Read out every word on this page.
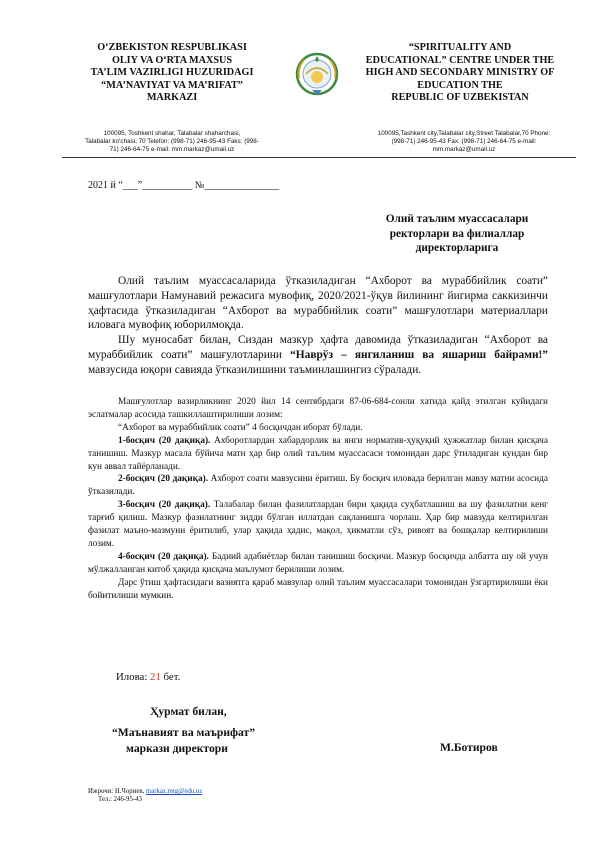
O‘ZBEKISTON RESPUBLIKASI
OLIY VA O‘RTA MAXSUS
TA’LIM VAZIRLIGI HUZURIDAGI
“MA’NAVIYAT VA MA’RIFAT”
MARKAZI
“SPIRITUALITY AND
EDUCATIONAL” CENTRE UNDER THE
HIGH AND SECONDARY MINISTRY OF
EDUCATION THE
REPUBLIC OF UZBEKISTAN
100095, Toshkent shahar, Talabalar shaharchasi,
Talabalar ko‘chasi, 70 Telefon: (998-71) 246-95-43 Faks: (998-
71) 246-64-75 e-mail: mm.markaz@umail.uz
100095,Tashkent city,Talabalar city,Street Talabalar,70 Phone:
(998-71) 246-95-43 Fax: (998-71) 246-64-75 e-mail:
mm.markaz@umail.uz
2021 й “___”__________ №_______________
Олий таълим муассасалари
ректорлари ва филиаллар
директорларига

Олий таълим муассасаларида ўтказиладиган “Ахборот ва мураббийлик соати” машғулотлари Намунавий режасига мувофиқ, 2020/2021-ўқув йилининг йигирма саккизинчи ҳафтасида ўтказиладиган “Ахборот ва мураббийлик соати” машғулотлари материаллари иловага мувофиқ юборилмоқда.

Шу муносабат билан, Сиздан мазкур ҳафта давомида ўтказиладиган “Ахборот ва мураббийлик соати” машғулотларини “Наврўз – янгиланиш ва яшариш байрами!” мавзусида юқори савияда ўтказилишини таъминлашингиз сўралади.

Машғулотлар вазирликнинг 2020 йил 14 сентябрдаги 87-06-684-сонли хатида қайд этилган куйидаги эслатмалар асосида ташкиллаштирилиши лозим:

“Ахборот ва мураббийлик соати” 4 босқичдан иборат бўлади.

1-босқич (20 дақиқа). Ахборотлардан хабардорлик ва янги норматив-ҳуқуқий ҳужжатлар билан қисқача танишиш. Мазкур масала бўйича матн ҳар бир олий таълим муассасаси томонидан дарс ўтиладиган кундан бир кун аввал тайёрланади.

2-босқич (20 дақиқа). Ахборот соати мавзусини ёритиш. Бу босқич иловада берилган мавзу матни асосида ўтказилади.

3-босқич (20 дақиқа). Талабалар билан фазилатлардан бири ҳақида суҳбатлашиш ва шу фазилатни кенг тарғиб қилиш. Мазкур фазилатнинг зидди бўлган иллатдан сақланишга чорлаш. Ҳар бир мавзуда келтирилган фазилат маъно-мазмуни ёритилиб, улар ҳақида ҳадис, мақол, ҳикматли сўз, ривоят ва бошқалар келтирилиши лозим.

4-босқич (20 дақиқа). Бадиий адабиётлар билан танишиш босқичи. Мазкур босқичда албатта шу ой учун мўлжалланган китоб ҳақида қисқача маълумот берилиши лозим.

Дарс ўтиш ҳафтасидаги вазиятга қараб мавзулар олий таълим муассасалари томонидан ўзгартирилиши ёки бойитилиши мумкин.

Илова: 21 бет.
Ҳурмат билан,
“Маънавият ва маърифат”
маркази директори	М.Ботиров
Ижрочи: Н.Чориев, markaz.mtg@edu.uz
Тел.: 246-95-43
